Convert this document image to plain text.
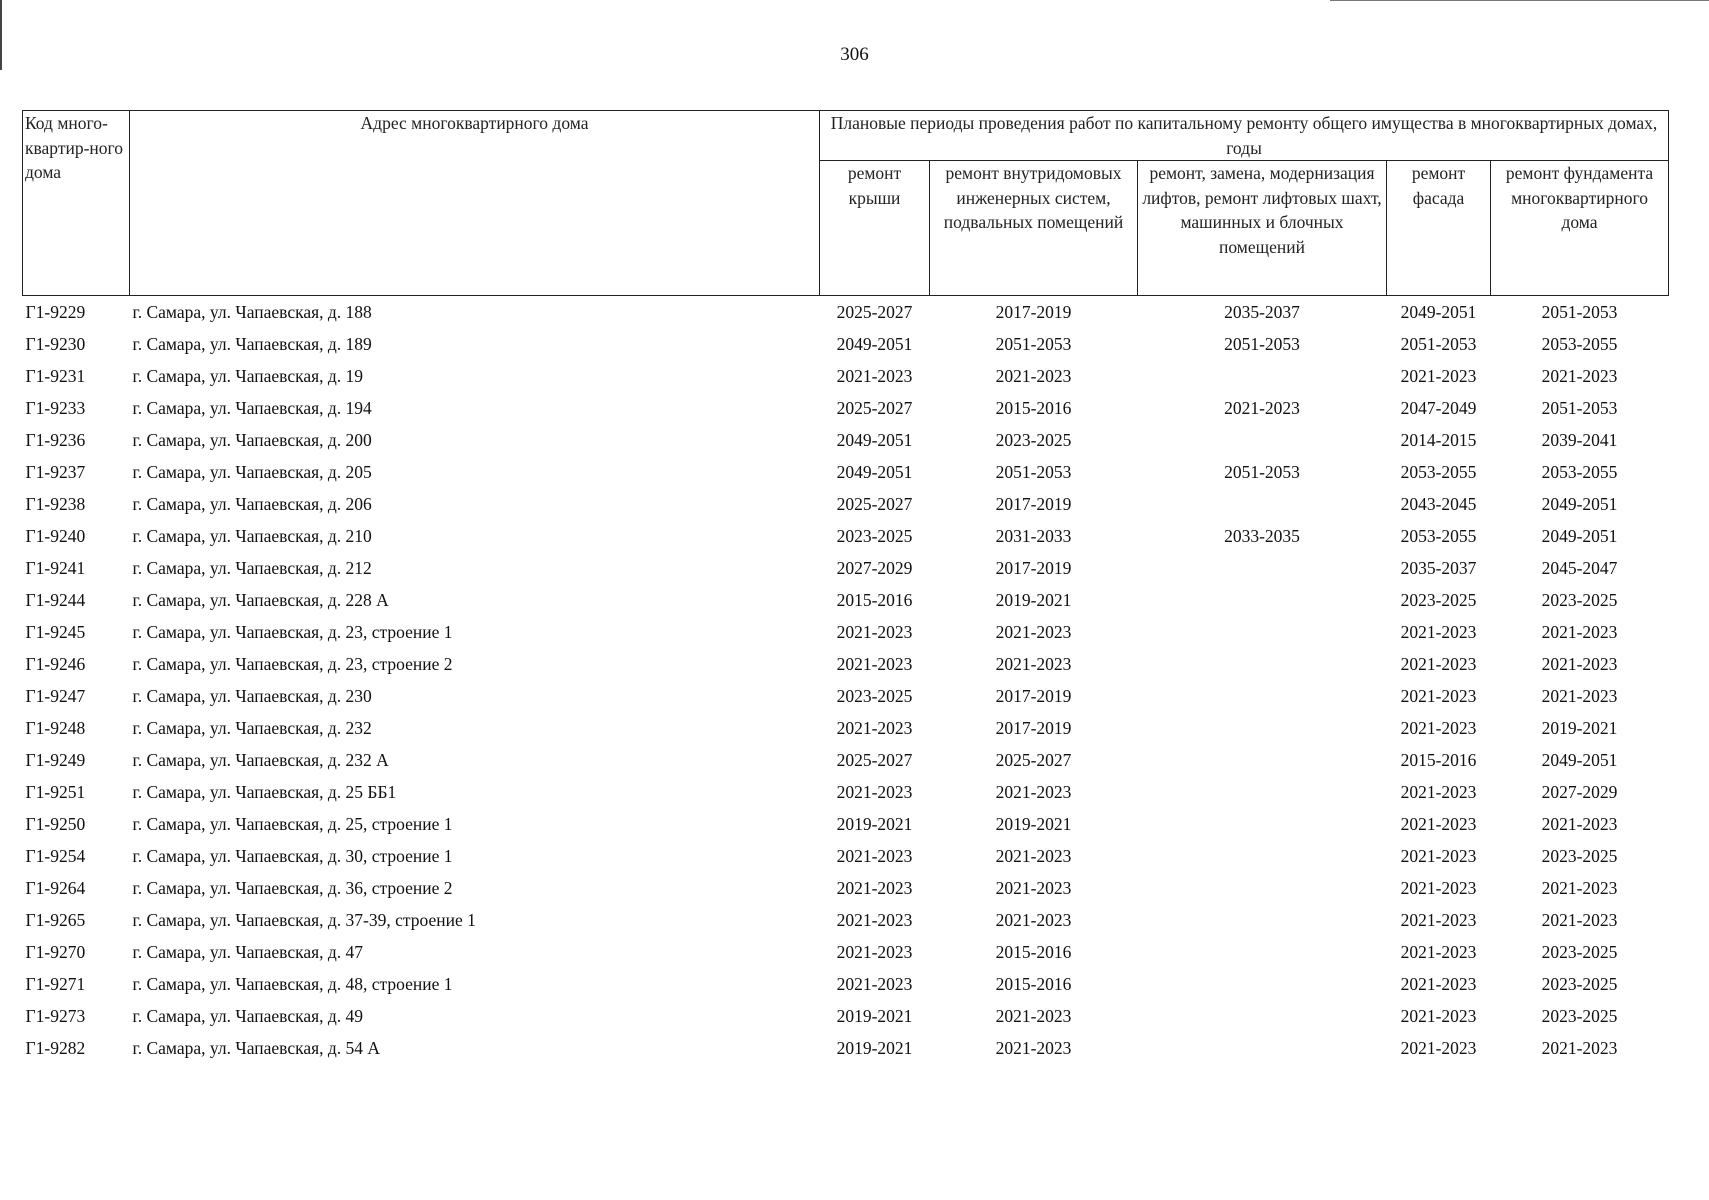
306
Код много-квартир-ного дома	Адрес многоквартирного дома	Плановые периоды проведения работ по капитальному ремонту общего имущества в многоквартирных домах, годы				
		ремонт крыши	ремонт внутридомовых инженерных систем, подвальных помещений	ремонт, замена, модернизация лифтов, ремонт лифтовых шахт, машинных и блочных помещений	ремонт фасада	ремонт фундамента многоквартирного дома
Г1-9229	г. Самара, ул. Чапаевская, д. 188	2025-2027	2017-2019	2035-2037	2049-2051	2051-2053
Г1-9230	г. Самара, ул. Чапаевская, д. 189	2049-2051	2051-2053	2051-2053	2051-2053	2053-2055
Г1-9231	г. Самара, ул. Чапаевская, д. 19	2021-2023	2021-2023		2021-2023	2021-2023
Г1-9233	г. Самара, ул. Чапаевская, д. 194	2025-2027	2015-2016	2021-2023	2047-2049	2051-2053
Г1-9236	г. Самара, ул. Чапаевская, д. 200	2049-2051	2023-2025		2014-2015	2039-2041
Г1-9237	г. Самара, ул. Чапаевская, д. 205	2049-2051	2051-2053	2051-2053	2053-2055	2053-2055
Г1-9238	г. Самара, ул. Чапаевская, д. 206	2025-2027	2017-2019		2043-2045	2049-2051
Г1-9240	г. Самара, ул. Чапаевская, д. 210	2023-2025	2031-2033	2033-2035	2053-2055	2049-2051
Г1-9241	г. Самара, ул. Чапаевская, д. 212	2027-2029	2017-2019		2035-2037	2045-2047
Г1-9244	г. Самара, ул. Чапаевская, д. 228 А	2015-2016	2019-2021		2023-2025	2023-2025
Г1-9245	г. Самара, ул. Чапаевская, д. 23, строение 1	2021-2023	2021-2023		2021-2023	2021-2023
Г1-9246	г. Самара, ул. Чапаевская, д. 23, строение 2	2021-2023	2021-2023		2021-2023	2021-2023
Г1-9247	г. Самара, ул. Чапаевская, д. 230	2023-2025	2017-2019		2021-2023	2021-2023
Г1-9248	г. Самара, ул. Чапаевская, д. 232	2021-2023	2017-2019		2021-2023	2019-2021
Г1-9249	г. Самара, ул. Чапаевская, д. 232 А	2025-2027	2025-2027		2015-2016	2049-2051
Г1-9251	г. Самара, ул. Чапаевская, д. 25 ББ1	2021-2023	2021-2023		2021-2023	2027-2029
Г1-9250	г. Самара, ул. Чапаевская, д. 25, строение 1	2019-2021	2019-2021		2021-2023	2021-2023
Г1-9254	г. Самара, ул. Чапаевская, д. 30, строение 1	2021-2023	2021-2023		2021-2023	2023-2025
Г1-9264	г. Самара, ул. Чапаевская, д. 36, строение 2	2021-2023	2021-2023		2021-2023	2021-2023
Г1-9265	г. Самара, ул. Чапаевская, д. 37-39, строение 1	2021-2023	2021-2023		2021-2023	2021-2023
Г1-9270	г. Самара, ул. Чапаевская, д. 47	2021-2023	2015-2016		2021-2023	2023-2025
Г1-9271	г. Самара, ул. Чапаевская, д. 48, строение 1	2021-2023	2015-2016		2021-2023	2023-2025
Г1-9273	г. Самара, ул. Чапаевская, д. 49	2019-2021	2021-2023		2021-2023	2023-2025
Г1-9282	г. Самара, ул. Чапаевская, д. 54 А	2019-2021	2021-2023		2021-2023	2021-2023
